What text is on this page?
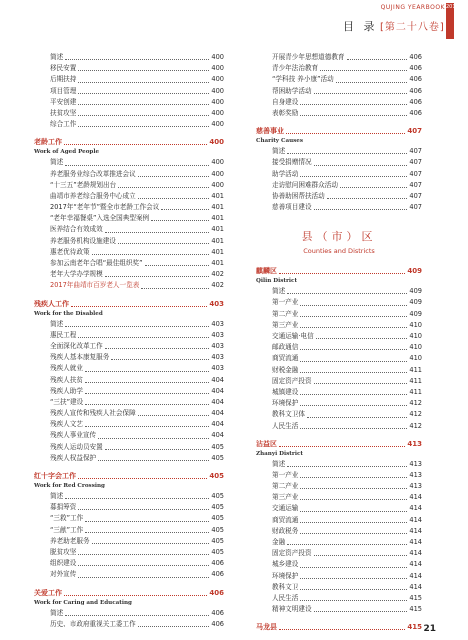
QUJING YEARBOOK 2018
目 录 [第二十八卷]
简述	400
移民安置	400
后期扶持	400
项目管理	400
平安创建	400
扶贫攻坚	400
综合工作	400
老龄工作	400
Work of Aged People
简述	400
养老服务业综合改革推进会议	400
“十三五”老龄规划出台	400
曲靖市养老综合服务中心成立	401
2017年“老年节”暨全市老龄工作会议	401
“老年幸福餐桌”入选全国典型案例	401
医养结合有效成效	401
养老服务机构设施建设	401
惠老优待政策	401
参加云南老年合唱“最佳组织奖”	401
老年大学办学规模	402
2017年曲靖市百岁老人一览表	402
残疾人工作	403
Work for the Disabled
简述	403
惠民工程	403
全面深化改革工作	403
残疾人基本康复服务	403
残疾人就业	403
残疾人扶贫	404
残疾人助学	404
“三扶”建设	404
残疾人宣传和残疾人社会保障	404
残疾人文艺	404
残疾人事业宣传	404
残疾人运动员安置	405
残疾人权益保护	405
红十字会工作	405
Work for Red Crossing
简述	405
募捐筹资	405
“三救”工作	405
“三献”工作	405
养老助老服务	405
脱贫攻坚	405
组织建设	406
对外宣传	406
关爱工作	406
Work for Caring and Educating
简述	406
历史、市政府重视关工委工作	406
开展青少年思想道德教育	406
青少年法治教育	406
“学科技 养小康”活动	406
帮困助学活动	406
自身建设	406
表彰奖励	406
慈善事业	407
Charity Causes
简述	407
接受捐赠情况	407
助学活动	407
走访慰问困难群众活动	407
协善助困帮扶活动	407
慈善项目建设	407
县（市）区
Counties and Districts
麒麟区	409
Qilin District
简述	409
第一产业	409
第二产业	409
第三产业	410
交通运输·电信	410
邮政通信	410
商贸流通	410
财税金融	411
固定资产投资	411
城镇建设	411
环境保护	412
教科文卫体	412
人民生活	412
沾益区	413
Zhanyi District
简述	413
第一产业	413
第二产业	413
第三产业	414
交通运输	414
商贸流通	414
财政税务	414
金融	414
固定资产投资	414
城乡建设	414
环境保护	414
教科文卫	414
人民生活	415
精神文明建设	415
马龙县	415 21
